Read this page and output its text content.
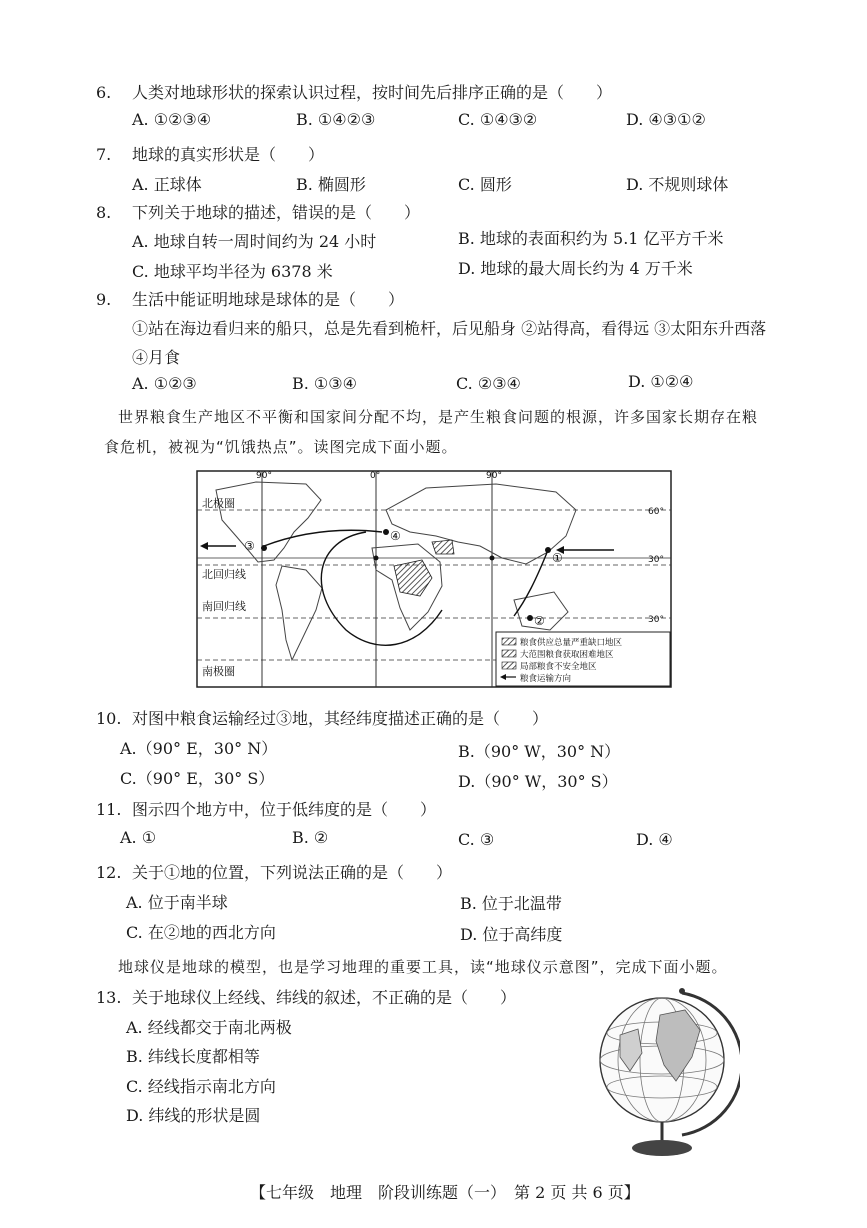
6. 人类对地球形状的探索认识过程，按时间先后排序正确的是（　　）
A. ①②③④	B. ①④②③	C. ①④③②	D. ④③①②
7. 地球的真实形状是（　　）
A. 正球体	B. 椭圆形	C. 圆形	D. 不规则球体
8. 下列关于地球的描述，错误的是（　　）
A. 地球自转一周时间约为 24 小时	B. 地球的表面积约为 5.1 亿平方千米
C. 地球平均半径为 6378 米	D. 地球的最大周长约为 4 万千米
9. 生活中能证明地球是球体的是（　　）
①站在海边看归来的船只，总是先看到桅杆，后见船身 ②站得高，看得远 ③太阳东升西落
④月食
A. ①②③	B. ①③④	C. ②③④	D. ①②④
世界粮食生产地区不平衡和国家间分配不均，是产生粮食问题的根源，许多国家长期存在粮
食危机，被视为“饥饿热点”。读图完成下面小题。
90°	0°	90°
60°
30°
30°
北极圈
北回归线
南回归线
南极圈
①
②
③
④
粮食供应总量严重缺口地区
大范围粮食获取困难地区
局部粮食不安全地区
粮食运输方向
10. 对图中粮食运输经过③地，其经纬度描述正确的是（　　）
A.（90° E，30° N）	B.（90° W，30° N）
C.（90° E，30° S）	D.（90° W，30° S）
11. 图示四个地方中，位于低纬度的是（　　）
A. ①	B. ②	C. ③	D. ④
12. 关于①地的位置，下列说法正确的是（　　）
A. 位于南半球	B. 位于北温带
C. 在②地的西北方向	D. 位于高纬度
地球仪是地球的模型，也是学习地理的重要工具，读“地球仪示意图”，完成下面小题。
13. 关于地球仪上经线、纬线的叙述，不正确的是（　　）
A. 经线都交于南北两极
B. 纬线长度都相等
C. 经线指示南北方向
D. 纬线的形状是圆
【七年级　地理　阶段训练题（一）　第 2 页 共 6 页】
